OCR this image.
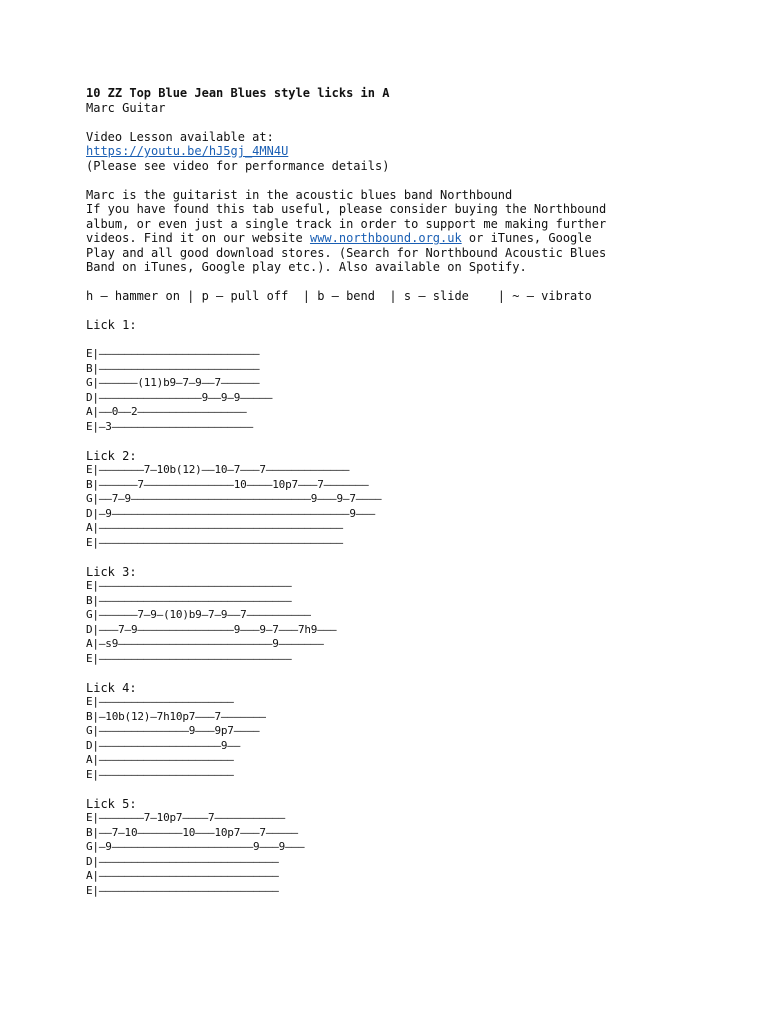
10 ZZ Top Blue Jean Blues style licks in A
Marc Guitar
Video Lesson available at:
https://youtu.be/hJ5gj_4MN4U
(Please see video for performance details)
Marc is the guitarist in the acoustic blues band Northbound
If you have found this tab useful, please consider buying the Northbound
album, or even just a single track in order to support me making further
videos. Find it on our website www.northbound.org.uk or iTunes, Google
Play and all good download stores. (Search for Northbound Acoustic Blues
Band on iTunes, Google play etc.). Also available on Spotify.
h – hammer on | p – pull off  | b – bend  | s – slide    | ~ – vibrato
Lick 1:
E|—————————————————————————
B|—————————————————————————
G|——————(11)b9—7—9——7——————
D|————————————————9——9—9—————
A|——0——2—————————————————
E|—3——————————————————————
Lick 2:
E|———————7—10b(12)——10—7———7—————————————
B|——————7——————————————10————10p7———7———————
G|——7—9————————————————————————————9———9—7————
D|—9—————————————————————————————————————9———
A|——————————————————————————————————————
E|——————————————————————————————————————
Lick 3:
E|——————————————————————————————
B|——————————————————————————————
G|——————7—9—(10)b9—7—9——7——————————
D|———7—9———————————————9———9—7———7h9———
A|—s9————————————————————————9———————
E|——————————————————————————————
Lick 4:
E|—————————————————————
B|—10b(12)—7h10p7———7———————
G|——————————————9———9p7————
D|———————————————————9——
A|—————————————————————
E|—————————————————————
Lick 5:
E|———————7—10p7————7———————————
B|——7—10———————10———10p7———7—————
G|—9——————————————————————9———9———
D|————————————————————————————
A|————————————————————————————
E|————————————————————————————
